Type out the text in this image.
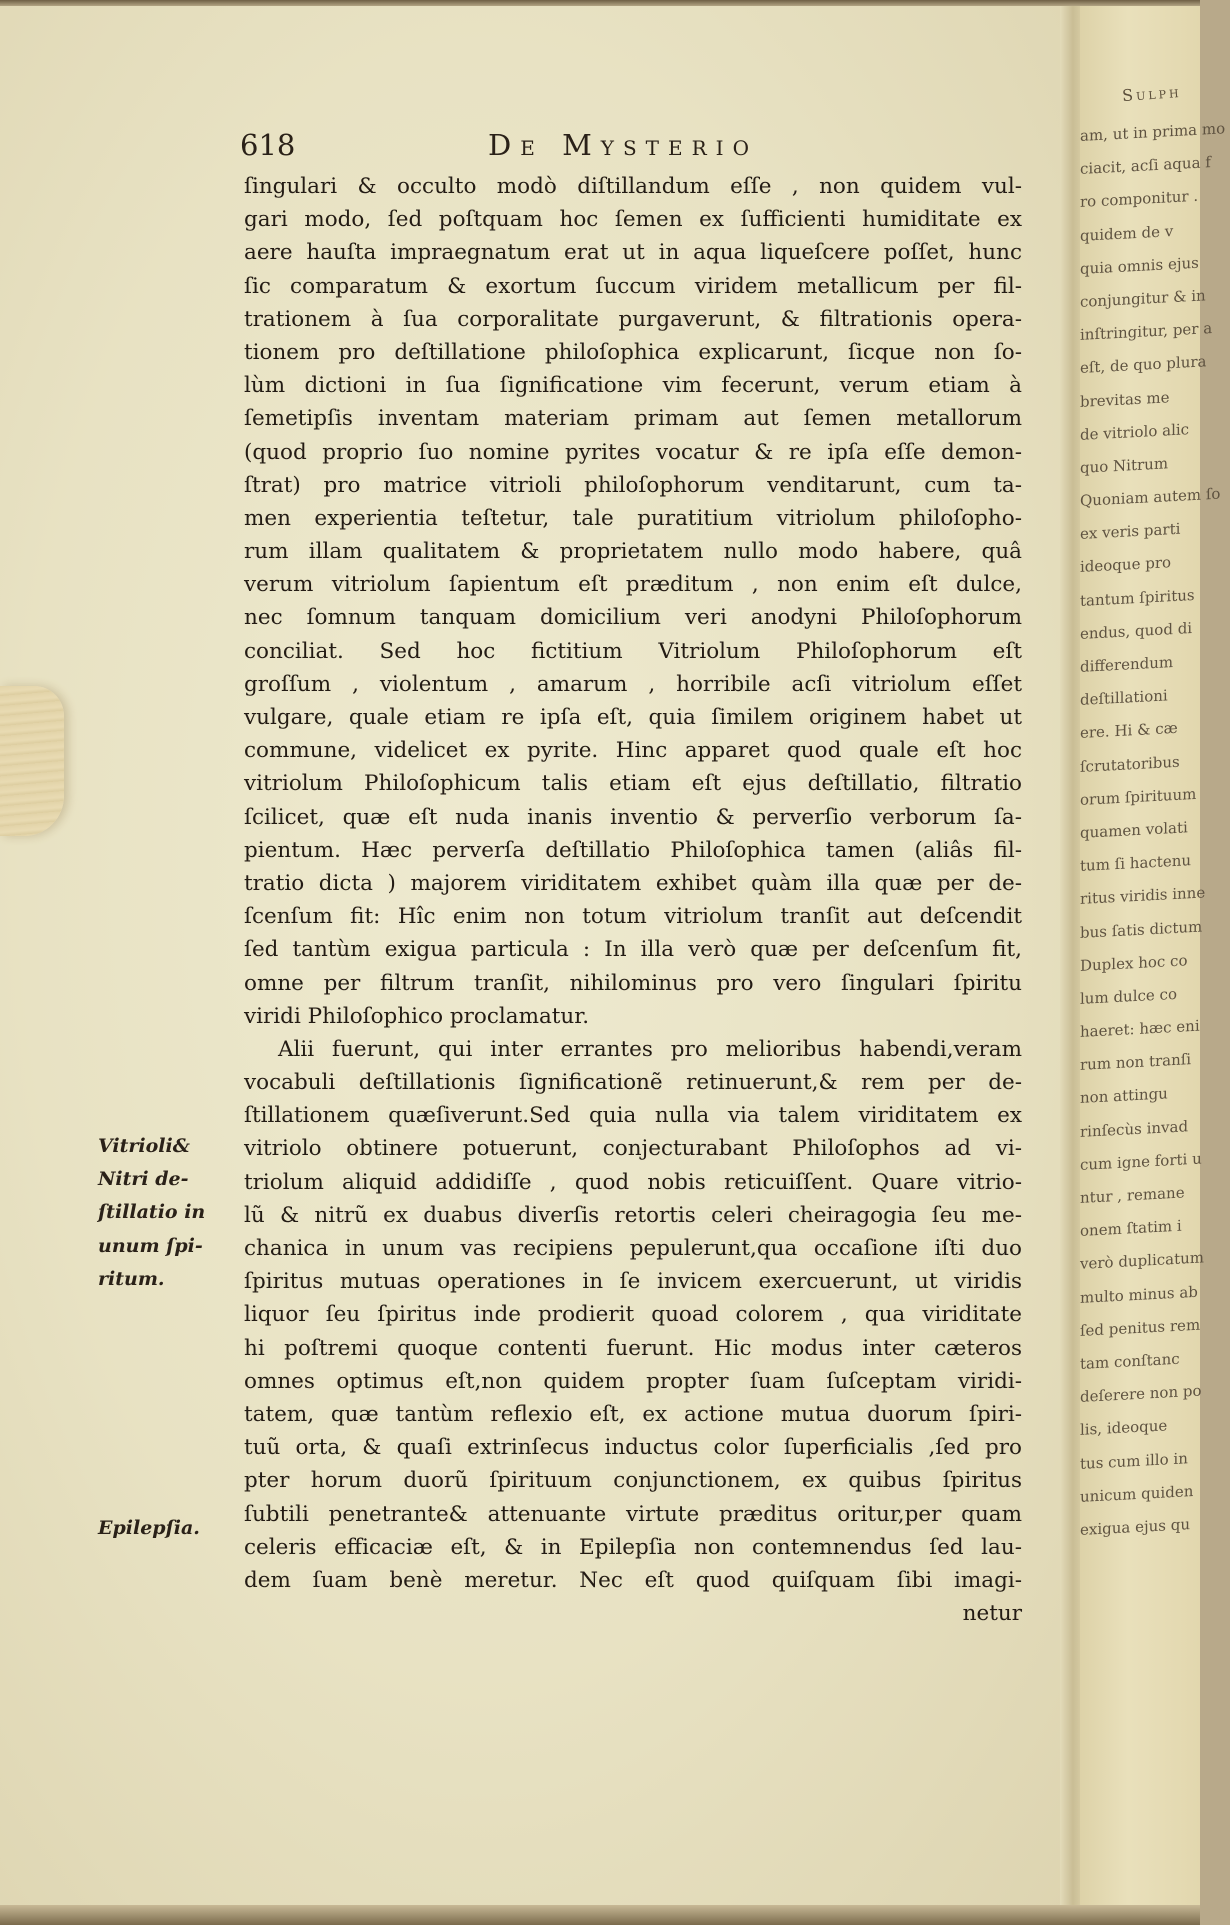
Sulph
am, ut in prima mo
ciacit, acſi aqua f
ro componitur .
quidem de v
quia omnis ejus
conjungitur & in
inſtringitur, per a
eſt, de quo plura
brevitas me
de vitriolo alic
quo Nitrum
Quoniam autem ſo
ex veris parti
ideoque pro
tantum ſpiritus
endus, quod di
differendum
deſtillationi
ere. Hi & cæ
ſcrutatoribus
orum ſpirituum
quamen volati
tum ſi hactenu
ritus viridis inne
bus ſatis dictum
Duplex hoc co
lum dulce co
haeret: hæc eni
rum non tranſi
non attingu
rinſecùs invad
cum igne forti u
ntur , remane
onem ſtatim i
verò duplicatum
multo minus ab
ſed penitus rem
tam conſtanc
deſerere non po
lis, ideoque
tus cum illo in
unicum quiden
exigua ejus qu
618	De Mysterio
ſingulari & occulto modò diſtillandum eſſe , non quidem vul-
gari modo, ſed poſtquam hoc ſemen ex ſufficienti humiditate ex
aere hauſta impraegnatum erat ut in aqua liqueſcere poſſet, hunc
ſic comparatum & exortum ſuccum viridem metallicum per fil-
trationem à ſua corporalitate purgaverunt, & filtrationis opera-
tionem pro deſtillatione philoſophica explicarunt, ſicque non ſo-
lùm dictioni in ſua ſignificatione vim fecerunt, verum etiam à
ſemetipſis inventam materiam primam aut ſemen metallorum
(quod proprio ſuo nomine pyrites vocatur & re ipſa eſſe demon-
ſtrat) pro matrice vitrioli philoſophorum venditarunt, cum ta-
men experientia teſtetur, tale puratitium vitriolum philoſopho-
rum illam qualitatem & proprietatem nullo modo habere, quâ
verum vitriolum ſapientum eſt præditum , non enim eſt dulce,
nec ſomnum tanquam domicilium veri anodyni Philoſophorum
conciliat. Sed hoc fictitium Vitriolum Philoſophorum eſt
groſſum , violentum , amarum , horribile acſi vitriolum eſſet
vulgare, quale etiam re ipſa eſt, quia ſimilem originem habet ut
commune, videlicet ex pyrite. Hinc apparet quod quale eſt hoc
vitriolum Philoſophicum talis etiam eſt ejus deſtillatio, filtratio
ſcilicet, quæ eſt nuda inanis inventio & perverſio verborum ſa-
pientum. Hæc perverſa deſtillatio Philoſophica tamen (aliâs fil-
tratio dicta ) majorem viriditatem exhibet quàm illa quæ per de-
ſcenſum fit: Hîc enim non totum vitriolum tranſit aut deſcendit
ſed tantùm exigua particula : In illa verò quæ per deſcenſum fit,
omne per filtrum tranſit, nihilominus pro vero ſingulari ſpiritu
viridi Philoſophico proclamatur.
Alii fuerunt, qui inter errantes pro melioribus habendi,veram
vocabuli deſtillationis ſignificationẽ retinuerunt,& rem per de-
ſtillationem quæſiverunt.Sed quia nulla via talem viriditatem ex
vitriolo obtinere potuerunt, conjecturabant Philoſophos ad vi-
triolum aliquid addidiſſe , quod nobis reticuiſſent. Quare vitrio-
lũ & nitrũ ex duabus diverſis retortis celeri cheiragogia ſeu me-
chanica in unum vas recipiens pepulerunt,qua occaſione iſti duo
ſpiritus mutuas operationes in ſe invicem exercuerunt, ut viridis
liquor ſeu ſpiritus inde prodierit quoad colorem , qua viriditate
hi poſtremi quoque contenti fuerunt. Hic modus inter cæteros
omnes optimus eſt,non quidem propter ſuam ſuſceptam viridi-
tatem, quæ tantùm reflexio eſt, ex actione mutua duorum ſpiri-
tuũ orta, & quaſi extrinſecus inductus color ſuperficialis ,ſed pro
pter horum duorũ ſpirituum conjunctionem, ex quibus ſpiritus
ſubtili penetrante& attenuante virtute præditus oritur,per quam
celeris efficaciæ eſt, & in Epilepſia non contemnendus ſed lau-
dem ſuam benè meretur. Nec eſt quod quiſquam ſibi imagi-
netur
Vitrioli&
Nitri de-
ſtillatio in
unum ſpi-
ritum.
Epilepſia.
